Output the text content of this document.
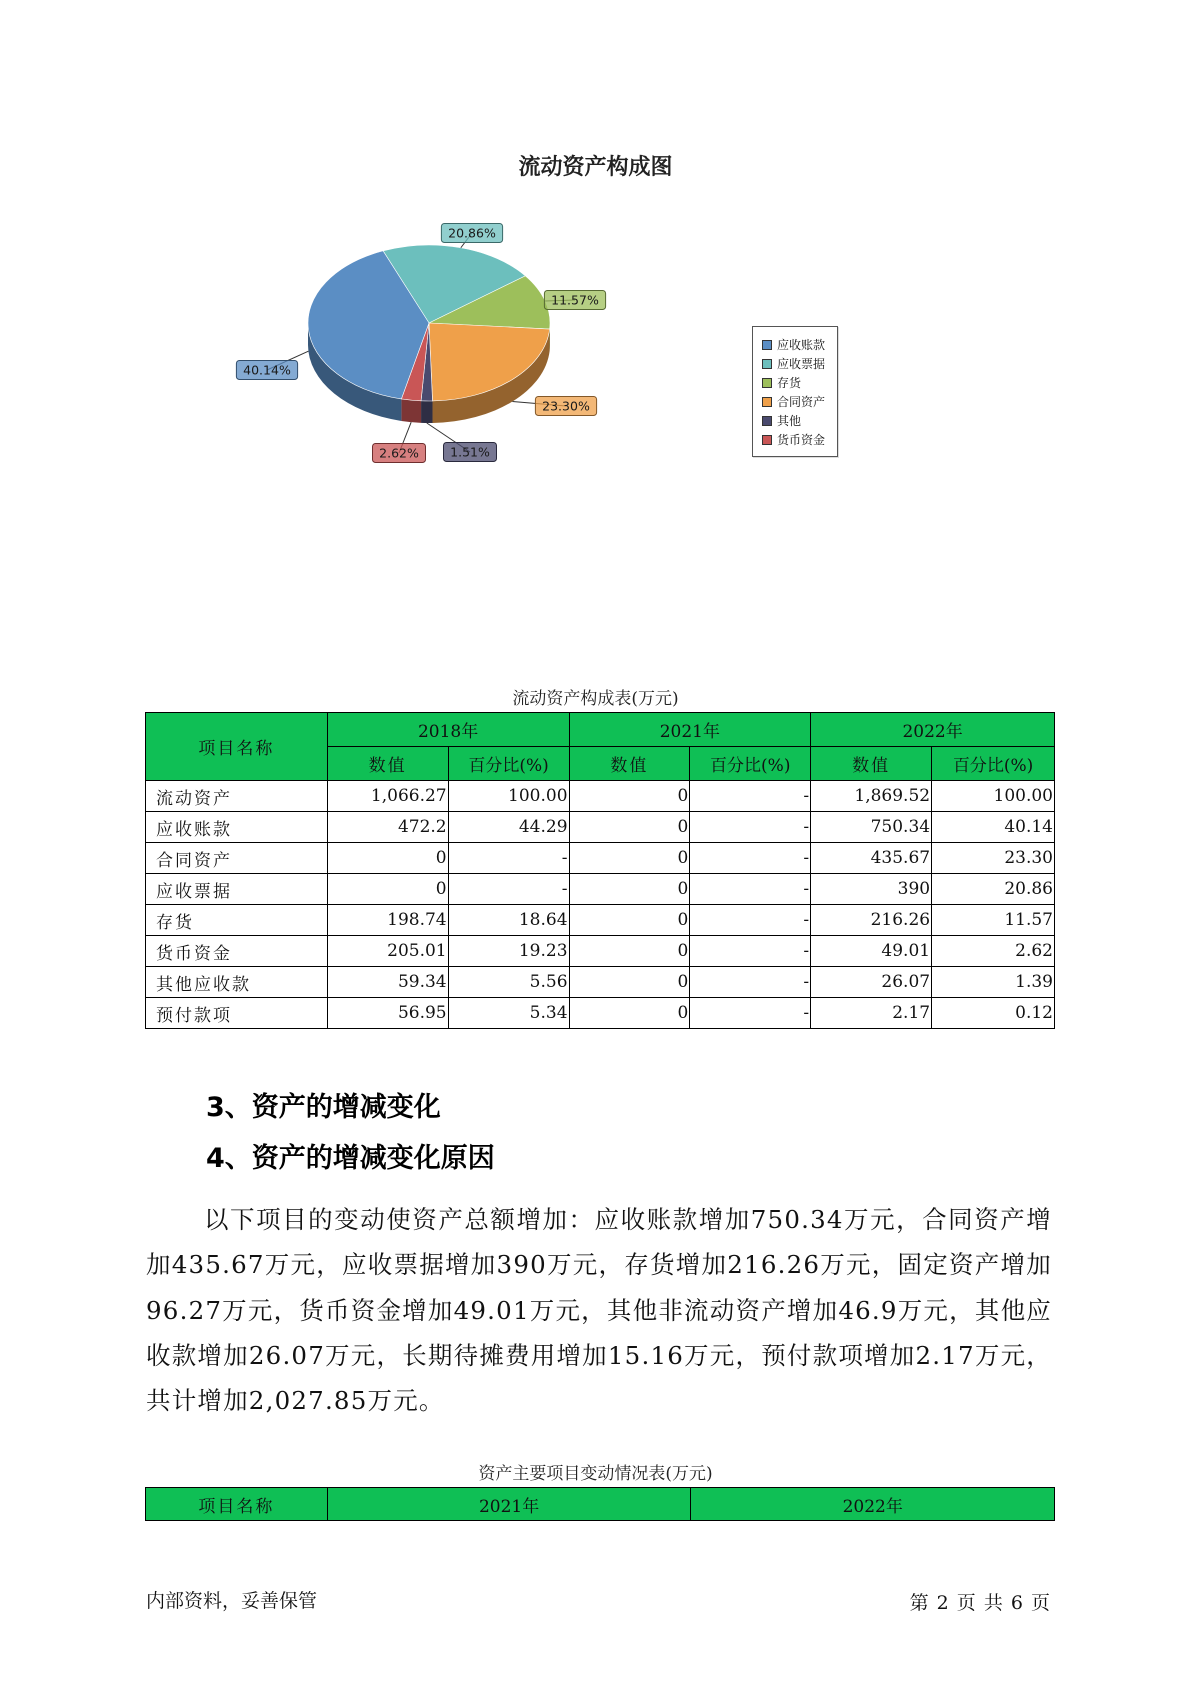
流动资产构成图
20.86%
11.57%
23.30%
1.51%
2.62%
40.14%
应收账款
应收票据
存货
合同资产
其他
货币资金
流动资产构成表(万元)
项目名称	2018年		2021年		2022年	
	数值	百分比(%)	数值	百分比(%)	数值	百分比(%)
流动资产	1,066.27	100.00	0	-	1,869.52	100.00
应收账款	472.2	44.29	0	-	750.34	40.14
合同资产	0	-	0	-	435.67	23.30
应收票据	0	-	0	-	390	20.86
存货	198.74	18.64	0	-	216.26	11.57
货币资金	205.01	19.23	0	-	49.01	2.62
其他应收款	59.34	5.56	0	-	26.07	1.39
预付款项	56.95	5.34	0	-	2.17	0.12
3、资产的增减变化
4、资产的增减变化原因

以下项目的变动使资产总额增加：应收账款增加750.34万元，合同资产增加435.67万元，应收票据增加390万元，存货增加216.26万元，固定资产增加96.27万元，货币资金增加49.01万元，其他非流动资产增加46.9万元，其他应收款增加26.07万元，长期待摊费用增加15.16万元，预付款项增加2.17万元，共计增加2,027.85万元。

资产主要项目变动情况表(万元)
项目名称	2021年	2022年
内部资料，妥善保管	第 2 页 共 6 页
